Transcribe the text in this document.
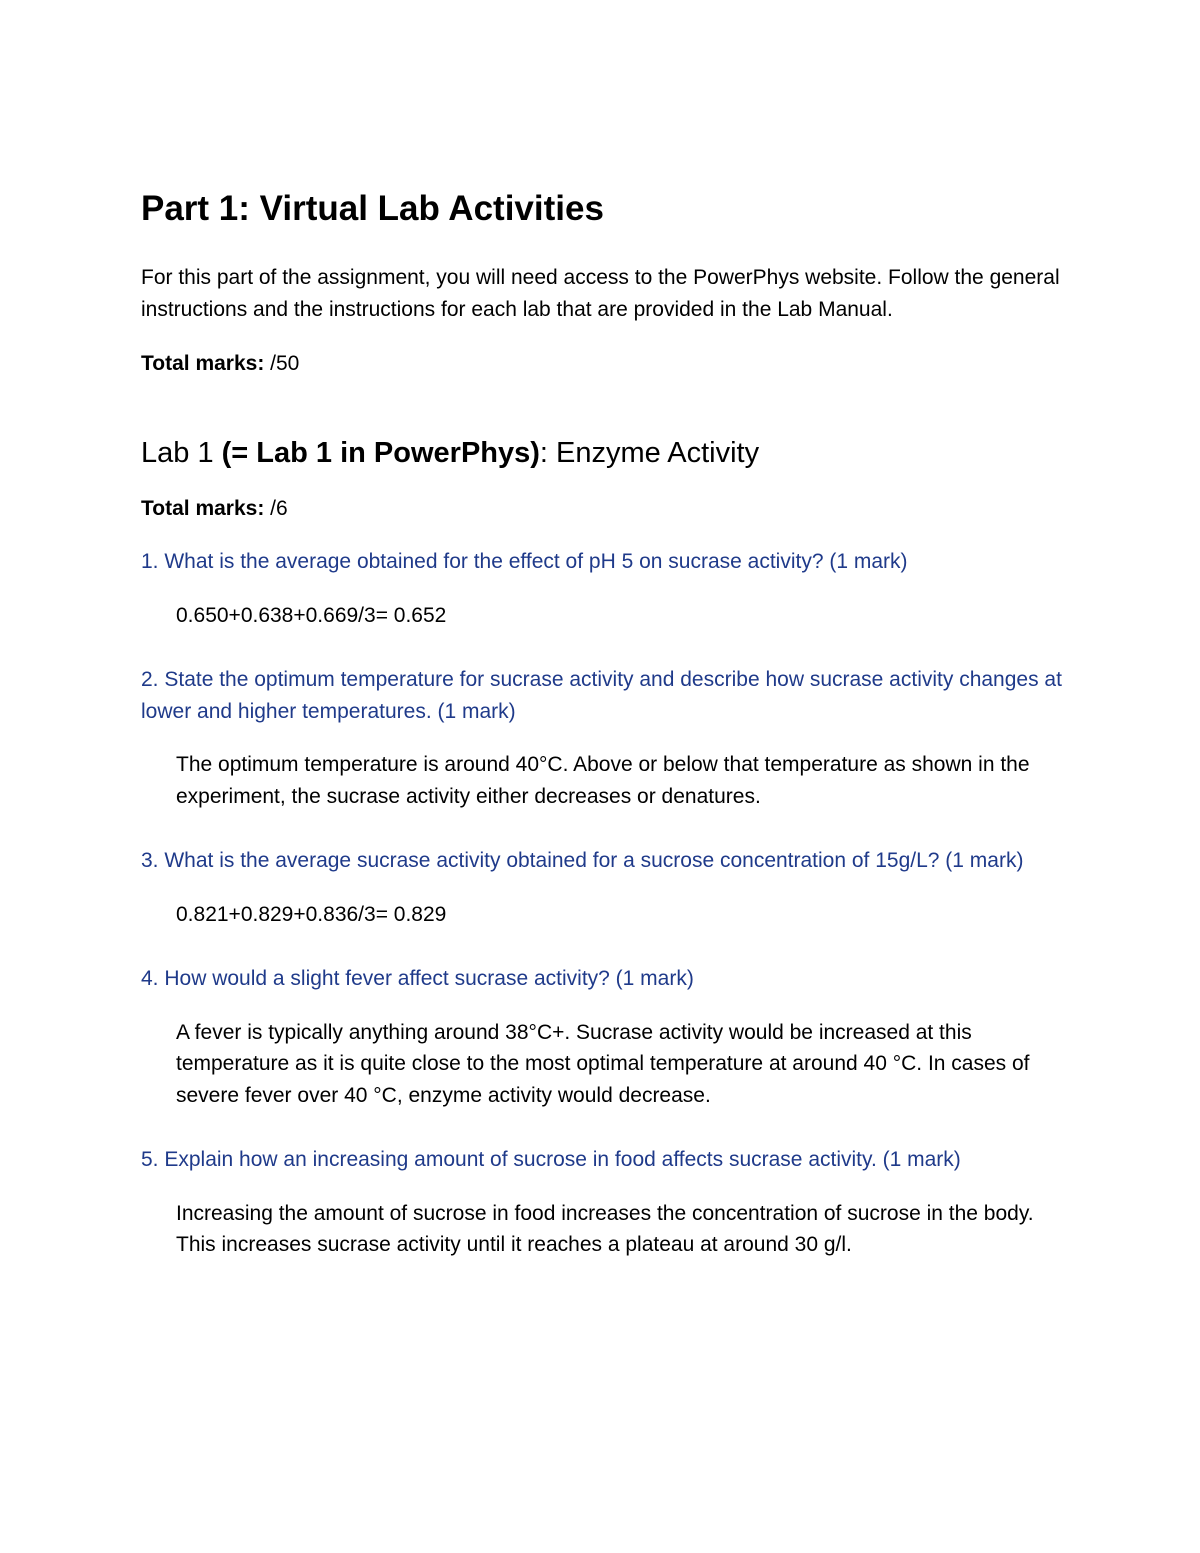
Part 1: Virtual Lab Activities

For this part of the assignment, you will need access to the PowerPhys website. Follow the general instructions and the instructions for each lab that are provided in the Lab Manual.

Total marks: /50

Lab 1 (= Lab 1 in PowerPhys): Enzyme Activity

Total marks: /6

1. What is the average obtained for the effect of pH 5 on sucrase activity? (1 mark)

0.650+0.638+0.669/3= 0.652

2. State the optimum temperature for sucrase activity and describe how sucrase activity changes at lower and higher temperatures. (1 mark)

The optimum temperature is around 40°C. Above or below that temperature as shown in the experiment, the sucrase activity either decreases or denatures.

3. What is the average sucrase activity obtained for a sucrose concentration of 15g/L? (1 mark)

0.821+0.829+0.836/3= 0.829

4. How would a slight fever affect sucrase activity? (1 mark)

A fever is typically anything around 38°C+. Sucrase activity would be increased at this temperature as it is quite close to the most optimal temperature at around 40 °C. In cases of severe fever over 40 °C, enzyme activity would decrease.

5. Explain how an increasing amount of sucrose in food affects sucrase activity. (1 mark)

Increasing the amount of sucrose in food increases the concentration of sucrose in the body. This increases sucrase activity until it reaches a plateau at around 30 g/l.
